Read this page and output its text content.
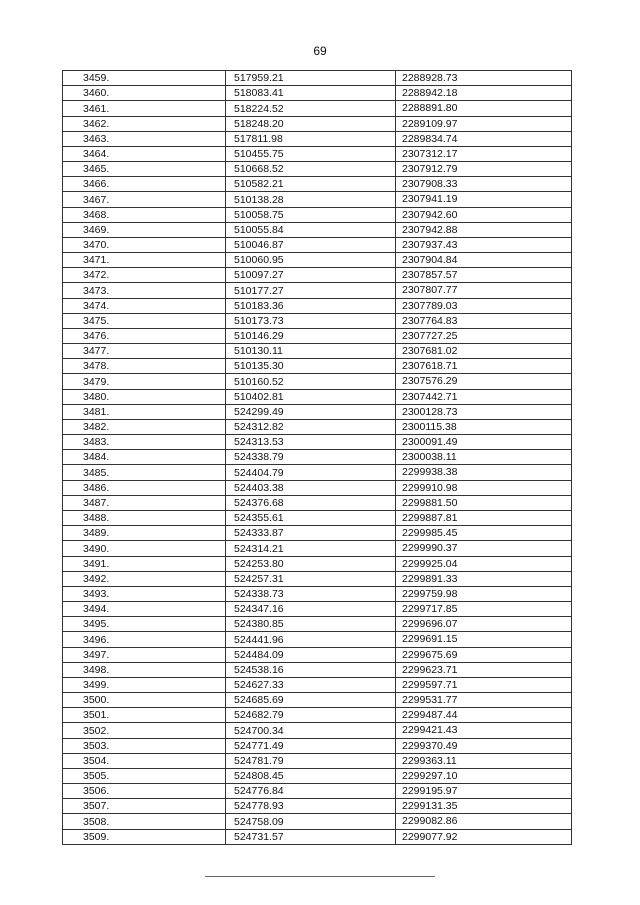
69
3459.	517959.21	2288928.73
3460.	518083.41	2288942.18
3461.	518224.52	2288891.80
3462.	518248.20	2289109.97
3463.	517811.98	2289834.74
3464.	510455.75	2307312.17
3465.	510668.52	2307912.79
3466.	510582.21	2307908.33
3467.	510138.28	2307941.19
3468.	510058.75	2307942.60
3469.	510055.84	2307942.88
3470.	510046.87	2307937.43
3471.	510060.95	2307904.84
3472.	510097.27	2307857.57
3473.	510177.27	2307807.77
3474.	510183.36	2307789.03
3475.	510173.73	2307764.83
3476.	510146.29	2307727.25
3477.	510130.11	2307681.02
3478.	510135.30	2307618.71
3479.	510160.52	2307576.29
3480.	510402.81	2307442.71
3481.	524299.49	2300128.73
3482.	524312.82	2300115.38
3483.	524313.53	2300091.49
3484.	524338.79	2300038.11
3485.	524404.79	2299938.38
3486.	524403.38	2299910.98
3487.	524376.68	2299881.50
3488.	524355.61	2299887.81
3489.	524333.87	2299985.45
3490.	524314.21	2299990.37
3491.	524253.80	2299925.04
3492.	524257.31	2299891.33
3493.	524338.73	2299759.98
3494.	524347.16	2299717.85
3495.	524380.85	2299696.07
3496.	524441.96	2299691.15
3497.	524484.09	2299675.69
3498.	524538.16	2299623.71
3499.	524627.33	2299597.71
3500.	524685.69	2299531.77
3501.	524682.79	2299487.44
3502.	524700.34	2299421.43
3503.	524771.49	2299370.49
3504.	524781.79	2299363.11
3505.	524808.45	2299297.10
3506.	524776.84	2299195.97
3507.	524778.93	2299131.35
3508.	524758.09	2299082.86
3509.	524731.57	2299077.92
